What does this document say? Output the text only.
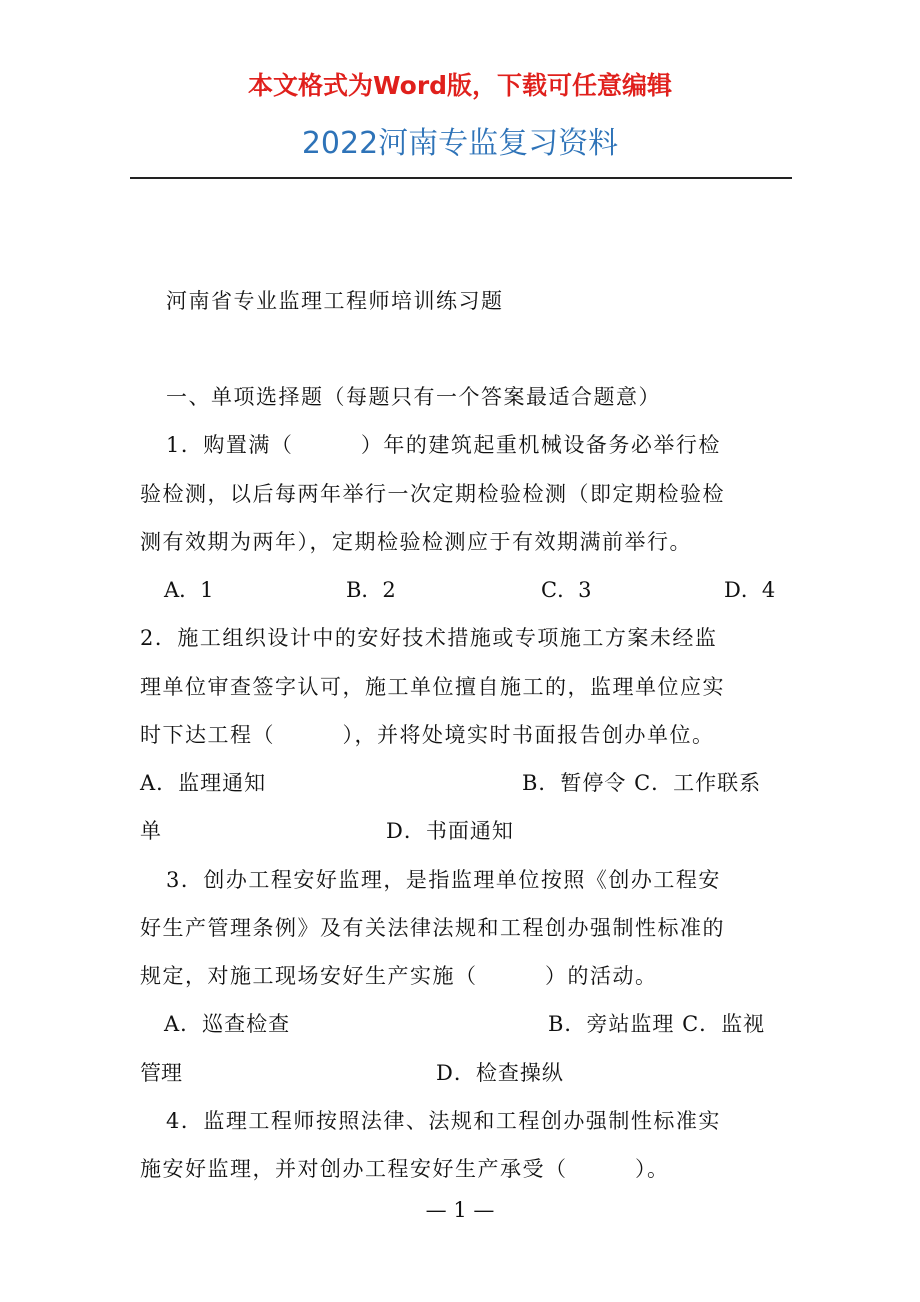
本文格式为Word版，下载可任意编辑
2022河南专监复习资料
河南省专业监理工程师培训练习题
一、单项选择题（每题只有一个答案最适合题意）
1．购置满（　　　）年的建筑起重机械设备务必举行检
验检测，以后每两年举行一次定期检验检测（即定期检验检
测有效期为两年），定期检验检测应于有效期满前举行。
A．1	B．2	C．3	D．4
2．施工组织设计中的安好技术措施或专项施工方案未经监
理单位审查签字认可，施工单位擅自施工的，监理单位应实
时下达工程（　　　），并将处境实时书面报告创办单位。
A．监理通知	B．暂停令 C．工作联系
单	D．书面通知
3．创办工程安好监理，是指监理单位按照《创办工程安
好生产管理条例》及有关法律法规和工程创办强制性标准的
规定，对施工现场安好生产实施（　　　）的活动。
A．巡查检查	B．旁站监理 C．监视
管理	D．检查操纵
4．监理工程师按照法律、法规和工程创办强制性标准实
施安好监理，并对创办工程安好生产承受（　　　）。
— 1 —
